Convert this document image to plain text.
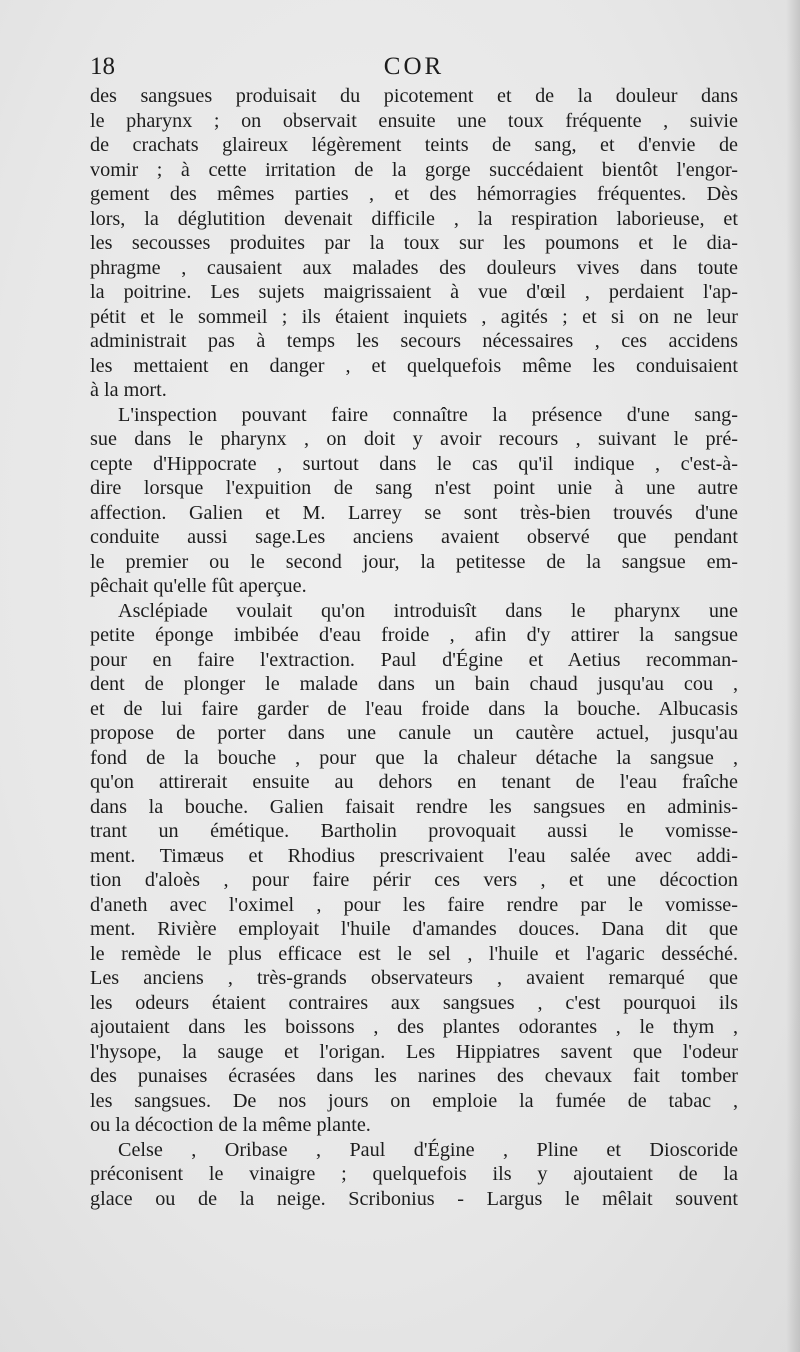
18	COR
des sangsues produisait du picotement et de la douleur dans
le pharynx ; on observait ensuite une toux fréquente , suivie
de crachats glaireux légèrement teints de sang, et d'envie de
vomir ; à cette irritation de la gorge succédaient bientôt l'engor-
gement des mêmes parties , et des hémorragies fréquentes. Dès
lors, la déglutition devenait difficile , la respiration laborieuse, et
les secousses produites par la toux sur les poumons et le dia-
phragme , causaient aux malades des douleurs vives dans toute
la poitrine. Les sujets maigrissaient à vue d'œil , perdaient l'ap-
pétit et le sommeil ; ils étaient inquiets , agités ; et si on ne leur
administrait pas à temps les secours nécessaires , ces accidens
les mettaient en danger , et quelquefois même les conduisaient
à la mort.
L'inspection pouvant faire connaître la présence d'une sang-
sue dans le pharynx , on doit y avoir recours , suivant le pré-
cepte d'Hippocrate , surtout dans le cas qu'il indique , c'est-à-
dire lorsque l'expuition de sang n'est point unie à une autre
affection. Galien et M. Larrey se sont très-bien trouvés d'une
conduite aussi sage.Les anciens avaient observé que pendant
le premier ou le second jour, la petitesse de la sangsue em-
pêchait qu'elle fût aperçue.
Asclépiade voulait qu'on introduisît dans le pharynx une
petite éponge imbibée d'eau froide , afin d'y attirer la sangsue
pour en faire l'extraction. Paul d'Égine et Aetius recomman-
dent de plonger le malade dans un bain chaud jusqu'au cou ,
et de lui faire garder de l'eau froide dans la bouche. Albucasis
propose de porter dans une canule un cautère actuel, jusqu'au
fond de la bouche , pour que la chaleur détache la sangsue ,
qu'on attirerait ensuite au dehors en tenant de l'eau fraîche
dans la bouche. Galien faisait rendre les sangsues en adminis-
trant un émétique. Bartholin provoquait aussi le vomisse-
ment. Timæus et Rhodius prescrivaient l'eau salée avec addi-
tion d'aloès , pour faire périr ces vers , et une décoction
d'aneth avec l'oximel , pour les faire rendre par le vomisse-
ment. Rivière employait l'huile d'amandes douces. Dana dit que
le remède le plus efficace est le sel , l'huile et l'agaric desséché.
Les anciens , très-grands observateurs , avaient remarqué que
les odeurs étaient contraires aux sangsues , c'est pourquoi ils
ajoutaient dans les boissons , des plantes odorantes , le thym ,
l'hysope, la sauge et l'origan. Les Hippiatres savent que l'odeur
des punaises écrasées dans les narines des chevaux fait tomber
les sangsues. De nos jours on emploie la fumée de tabac ,
ou la décoction de la même plante.
Celse , Oribase , Paul d'Égine , Pline et Dioscoride
préconisent le vinaigre ; quelquefois ils y ajoutaient de la
glace ou de la neige. Scribonius - Largus le mêlait souvent
